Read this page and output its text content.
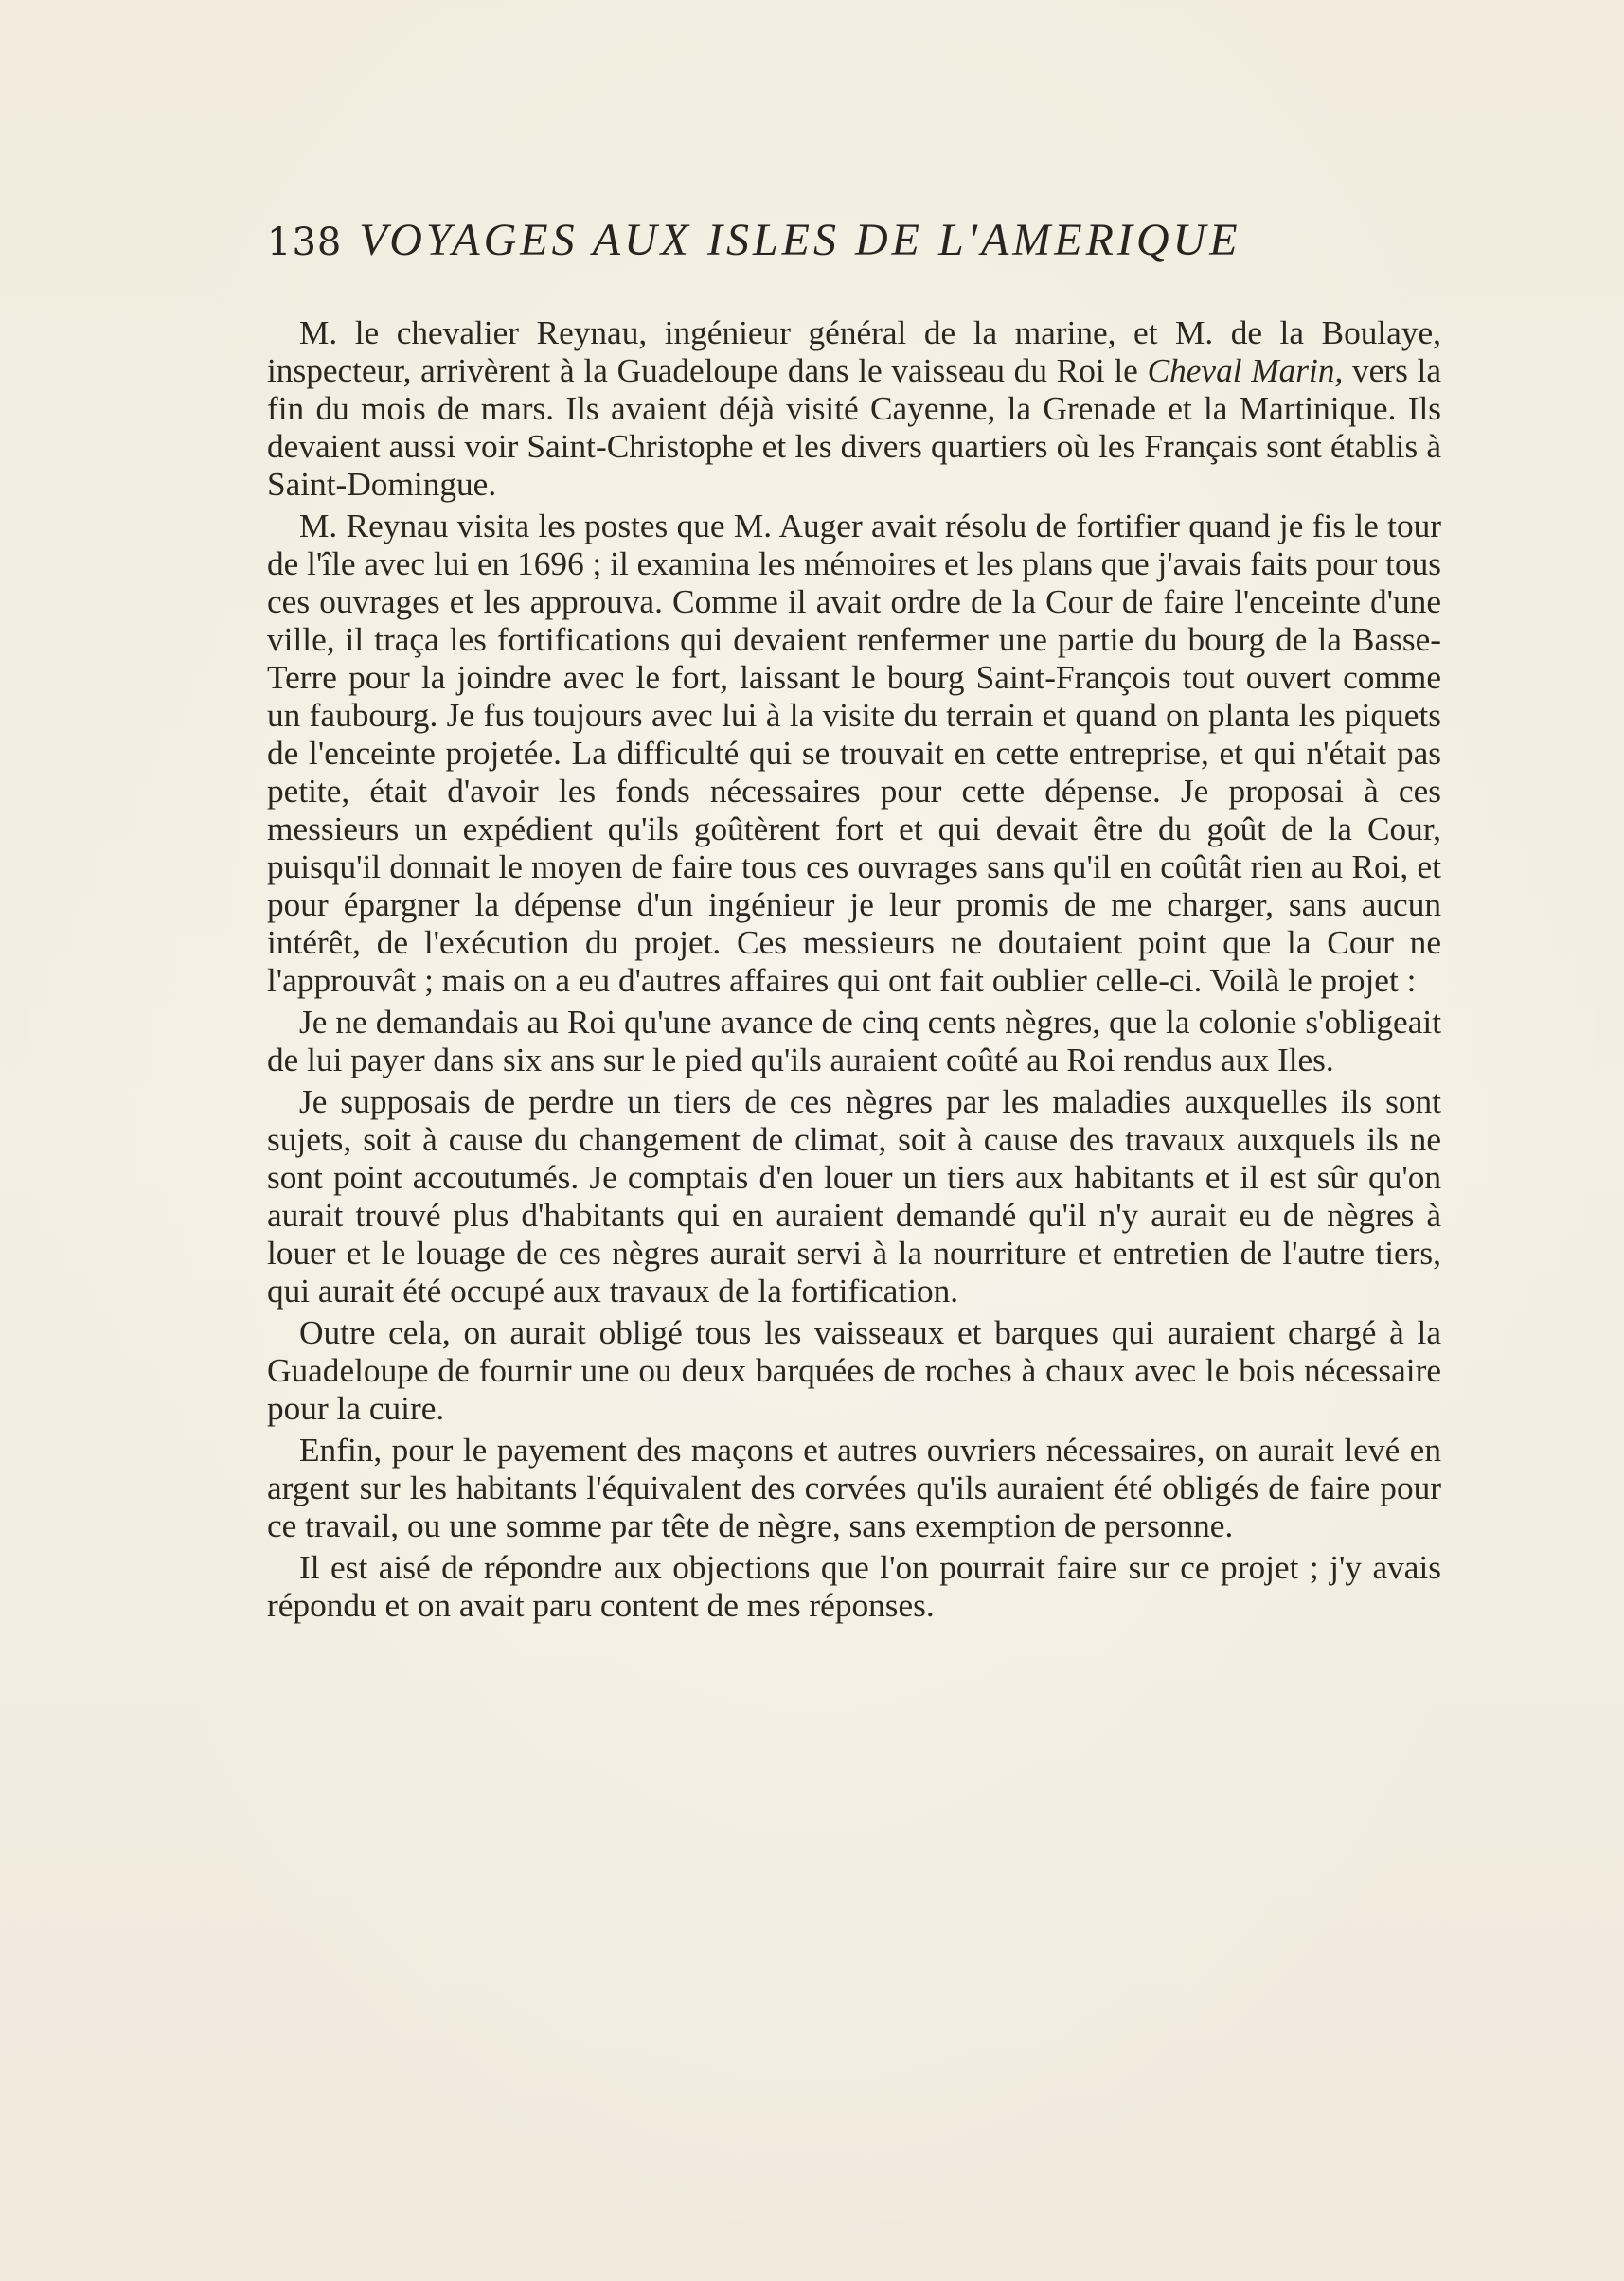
138 VOYAGES AUX ISLES DE L'AMERIQUE

M. le chevalier Reynau, ingénieur général de la marine, et M. de la Boulaye, inspecteur, arrivèrent à la Guadeloupe dans le vaisseau du Roi le Cheval Marin, vers la fin du mois de mars. Ils avaient déjà visité Cayenne, la Grenade et la Martinique. Ils devaient aussi voir Saint-Christophe et les divers quartiers où les Français sont établis à Saint-Domingue.

M. Reynau visita les postes que M. Auger avait résolu de fortifier quand je fis le tour de l'île avec lui en 1696 ; il examina les mémoires et les plans que j'avais faits pour tous ces ouvrages et les approuva. Comme il avait ordre de la Cour de faire l'enceinte d'une ville, il traça les fortifications qui devaient renfermer une partie du bourg de la Basse-Terre pour la joindre avec le fort, laissant le bourg Saint-François tout ouvert comme un faubourg. Je fus toujours avec lui à la visite du terrain et quand on planta les piquets de l'enceinte projetée. La difficulté qui se trouvait en cette entreprise, et qui n'était pas petite, était d'avoir les fonds nécessaires pour cette dépense. Je proposai à ces messieurs un expédient qu'ils goûtèrent fort et qui devait être du goût de la Cour, puisqu'il donnait le moyen de faire tous ces ouvrages sans qu'il en coûtât rien au Roi, et pour épargner la dépense d'un ingénieur je leur promis de me charger, sans aucun intérêt, de l'exécution du projet. Ces messieurs ne doutaient point que la Cour ne l'approuvât ; mais on a eu d'autres affaires qui ont fait oublier celle-ci. Voilà le projet :

Je ne demandais au Roi qu'une avance de cinq cents nègres, que la colonie s'obligeait de lui payer dans six ans sur le pied qu'ils auraient coûté au Roi rendus aux Iles.

Je supposais de perdre un tiers de ces nègres par les maladies auxquelles ils sont sujets, soit à cause du changement de climat, soit à cause des travaux auxquels ils ne sont point accoutumés. Je comptais d'en louer un tiers aux habitants et il est sûr qu'on aurait trouvé plus d'habitants qui en auraient demandé qu'il n'y aurait eu de nègres à louer et le louage de ces nègres aurait servi à la nourriture et entretien de l'autre tiers, qui aurait été occupé aux travaux de la fortification.

Outre cela, on aurait obligé tous les vaisseaux et barques qui auraient chargé à la Guadeloupe de fournir une ou deux barquées de roches à chaux avec le bois nécessaire pour la cuire.

Enfin, pour le payement des maçons et autres ouvriers nécessaires, on aurait levé en argent sur les habitants l'équivalent des corvées qu'ils auraient été obligés de faire pour ce travail, ou une somme par tête de nègre, sans exemption de personne.

Il est aisé de répondre aux objections que l'on pourrait faire sur ce projet ; j'y avais répondu et on avait paru content de mes réponses.
